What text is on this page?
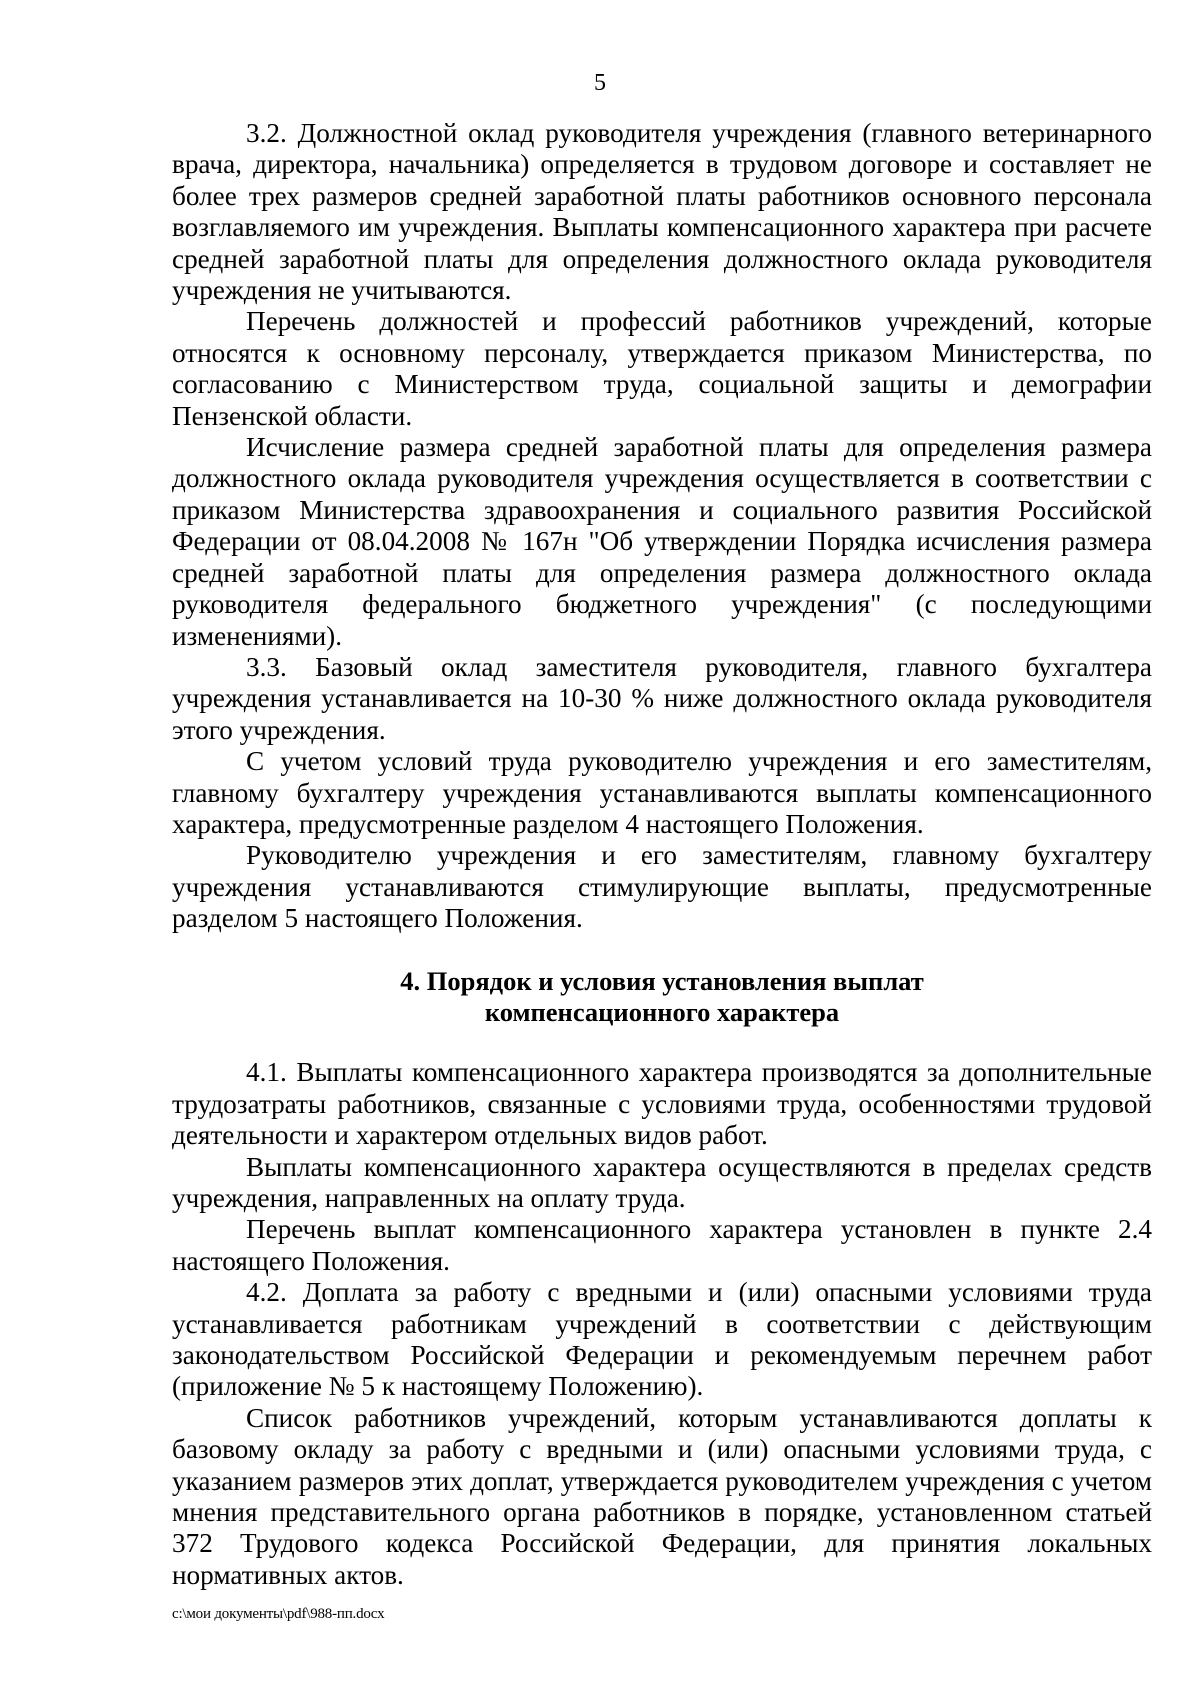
5

3.2. Должностной оклад руководителя учреждения (главного ветеринарного врача, директора, начальника) определяется в трудовом договоре и составляет не более трех размеров средней заработной платы работников основного персонала возглавляемого им учреждения. Выплаты компенсационного характера при расчете средней заработной платы для определения должностного оклада руководителя учреждения не учитываются.

Перечень должностей и профессий работников учреждений, которые относятся к основному персоналу, утверждается приказом Министерства, по согласованию с Министерством труда, социальной защиты и демографии Пензенской области.

Исчисление размера средней заработной платы для определения размера должностного оклада руководителя учреждения осуществляется в соответствии с приказом Министерства здравоохранения и социального развития Российской Федерации от 08.04.2008 № 167н "Об утверждении Порядка исчисления размера средней заработной платы для определения размера должностного оклада руководителя федерального бюджетного учреждения" (с последующими изменениями).

3.3. Базовый оклад заместителя руководителя, главного бухгалтера учреждения устанавливается на 10-30 % ниже должностного оклада руководителя этого учреждения.

С учетом условий труда руководителю учреждения и его заместителям, главному бухгалтеру учреждения устанавливаются выплаты компенсационного характера, предусмотренные разделом 4 настоящего Положения.

Руководителю учреждения и его заместителям, главному бухгалтеру учреждения устанавливаются стимулирующие выплаты, предусмотренные разделом 5 настоящего Положения.

4. Порядок и условия установления выплат
компенсационного характера

4.1. Выплаты компенсационного характера производятся за дополнительные трудозатраты работников, связанные с условиями труда, особенностями трудовой деятельности и характером отдельных видов работ.

Выплаты компенсационного характера осуществляются в пределах средств учреждения, направленных на оплату труда.

Перечень выплат компенсационного характера установлен в пункте 2.4 настоящего Положения.

4.2. Доплата за работу с вредными и (или) опасными условиями труда устанавливается работникам учреждений в соответствии с действующим законодательством Российской Федерации и рекомендуемым перечнем работ (приложение № 5 к настоящему Положению).

Список работников учреждений, которым устанавливаются доплаты к базовому окладу за работу с вредными и (или) опасными условиями труда, с указанием размеров этих доплат, утверждается руководителем учреждения с учетом мнения представительного органа работников в порядке, установленном статьей 372 Трудового кодекса Российской Федерации, для принятия локальных нормативных актов.

c:\мои документы\pdf\988-пп.docx
